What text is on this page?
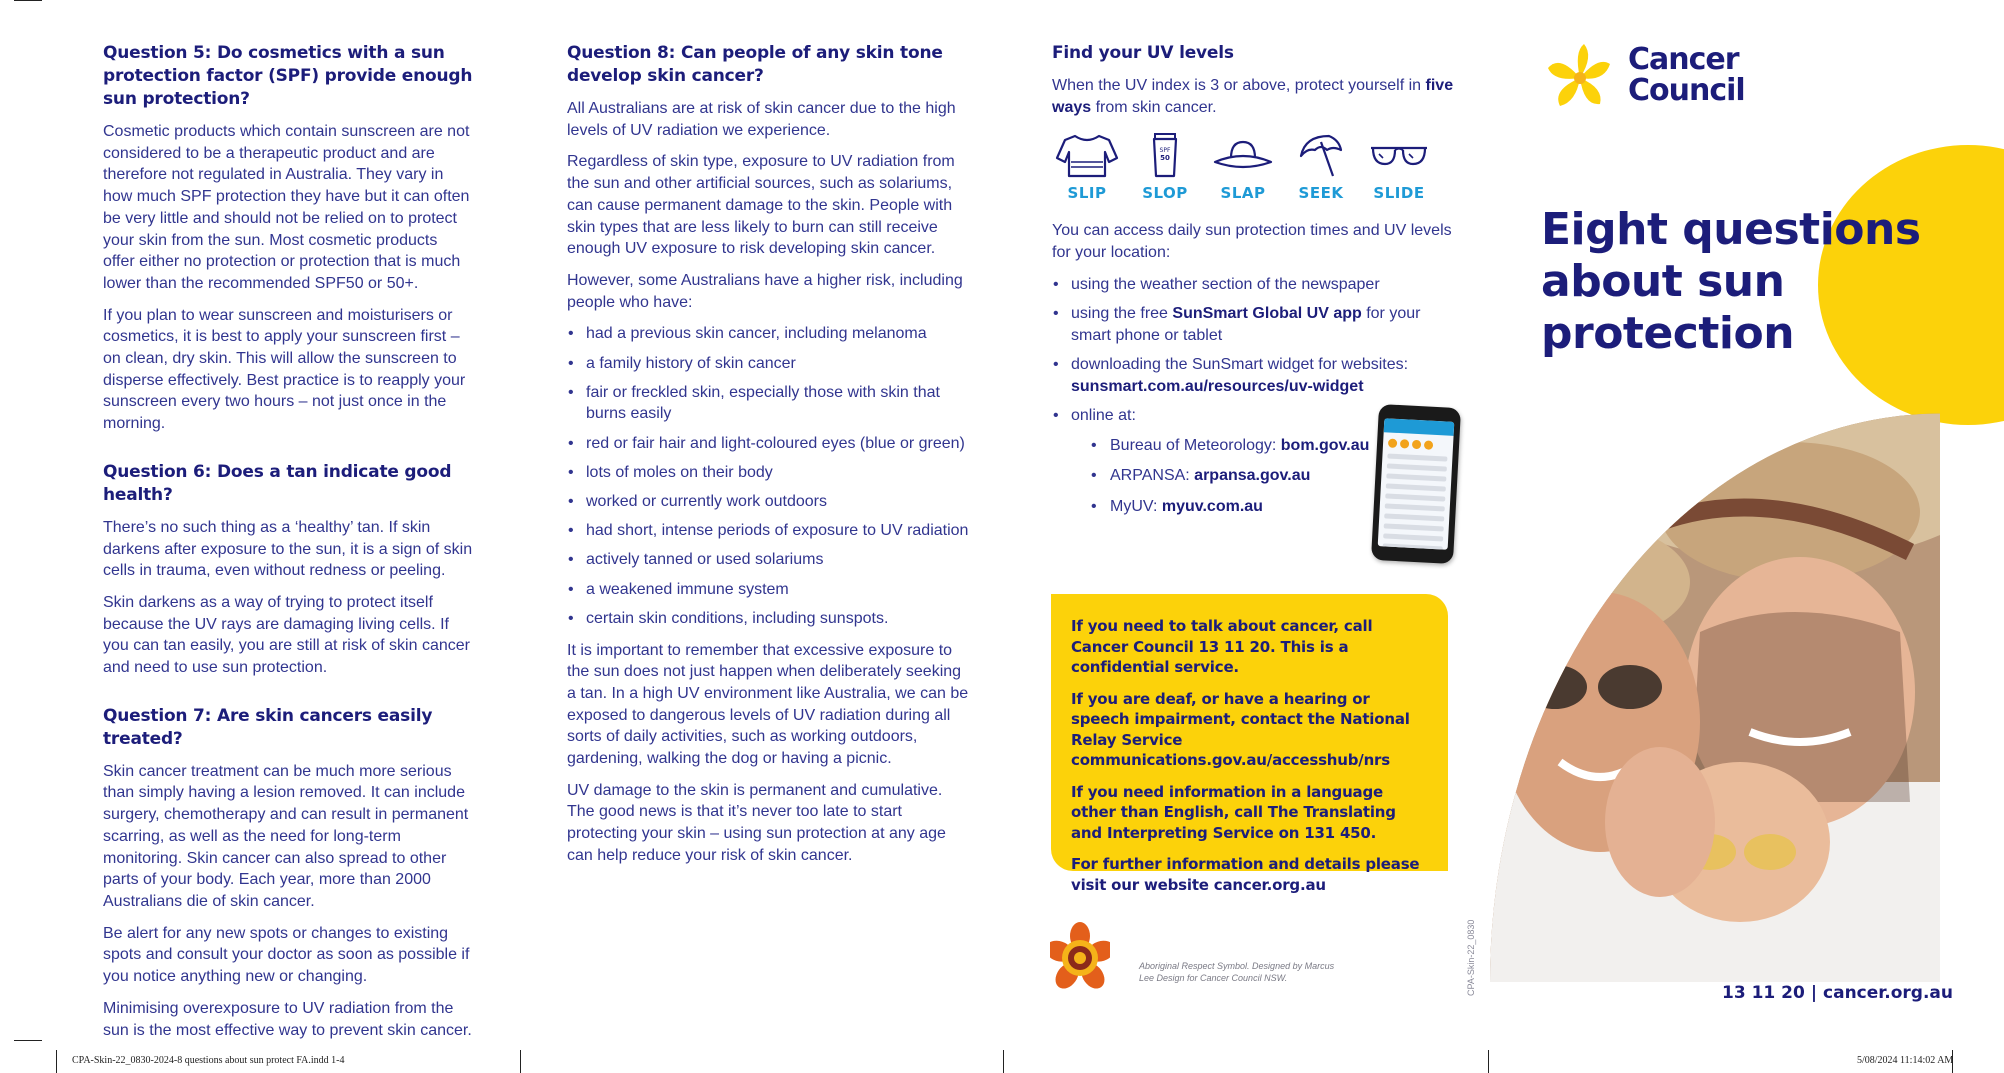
Question 5: Do cosmetics with a sun protection factor (SPF) provide enough sun protection?

Cosmetic products which contain sunscreen are not considered to be a therapeutic product and are therefore not regulated in Australia. They vary in how much SPF protection they have but it can often be very little and should not be relied on to protect your skin from the sun. Most cosmetic products offer either no protection or protection that is much lower than the recommended SPF50 or 50+.

If you plan to wear sunscreen and moisturisers or cosmetics, it is best to apply your sunscreen first – on clean, dry skin. This will allow the sunscreen to disperse effectively. Best practice is to reapply your sunscreen every two hours – not just once in the morning.

Question 6: Does a tan indicate good health?

There’s no such thing as a ‘healthy’ tan. If skin darkens after exposure to the sun, it is a sign of skin cells in trauma, even without redness or peeling.

Skin darkens as a way of trying to protect itself because the UV rays are damaging living cells. If you can tan easily, you are still at risk of skin cancer and need to use sun protection.

Question 7: Are skin cancers easily treated?

Skin cancer treatment can be much more serious than simply having a lesion removed. It can include surgery, chemotherapy and can result in permanent scarring, as well as the need for long-term monitoring. Skin cancer can also spread to other parts of your body. Each year, more than 2000 Australians die of skin cancer.

Be alert for any new spots or changes to existing spots and consult your doctor as soon as possible if you notice anything new or changing.

Minimising overexposure to UV radiation from the sun is the most effective way to prevent skin cancer.

Question 8: Can people of any skin tone develop skin cancer?

All Australians are at risk of skin cancer due to the high levels of UV radiation we experience.

Regardless of skin type, exposure to UV radiation from the sun and other artificial sources, such as solariums, can cause permanent damage to the skin. People with skin types that are less likely to burn can still receive enough UV exposure to risk developing skin cancer.

However, some Australians have a higher risk, including people who have:

• had a previous skin cancer, including melanoma
• a family history of skin cancer
• fair or freckled skin, especially those with skin that burns easily
• red or fair hair and light-coloured eyes (blue or green)
• lots of moles on their body
• worked or currently work outdoors
• had short, intense periods of exposure to UV radiation
• actively tanned or used solariums
• a weakened immune system
• certain skin conditions, including sunspots.

It is important to remember that excessive exposure to the sun does not just happen when deliberately seeking a tan. In a high UV environment like Australia, we can be exposed to dangerous levels of UV radiation during all sorts of daily activities, such as working outdoors, gardening, walking the dog or having a picnic.

UV damage to the skin is permanent and cumulative. The good news is that it’s never too late to start protecting your skin – using sun protection at any age can help reduce your risk of skin cancer.

Find your UV levels

When the UV index is 3 or above, protect yourself in five ways from skin cancer.

SLIP
SPF
50
SLOP	SLAP	SEEK	SLIDE

You can access daily sun protection times and UV levels for your location:

• using the weather section of the newspaper
• using the free SunSmart Global UV app for your smart phone or tablet
• downloading the SunSmart widget for websites: sunsmart.com.au/resources/uv-widget
• online at:
• Bureau of Meteorology: bom.gov.au
• ARPANSA: arpansa.gov.au
• MyUV: myuv.com.au

If you need to talk about cancer, call Cancer Council 13 11 20. This is a confidential service.

If you are deaf, or have a hearing or speech impairment, contact the National Relay Service communications.gov.au/accesshub/nrs

If you need information in a language other than English, call The Translating and Interpreting Service on 131 450.

For further information and details please visit our website cancer.org.au

Aboriginal Respect Symbol. Designed by Marcus Lee Design for Cancer Council NSW.	CPA-Skin-22_0830
Cancer
Council
Eight questions about sun protection
13 11 20 | cancer.org.au
CPA-Skin-22_0830-2024-8 questions about sun protect FA.indd 1-4	5/08/2024 11:14:02 AM
